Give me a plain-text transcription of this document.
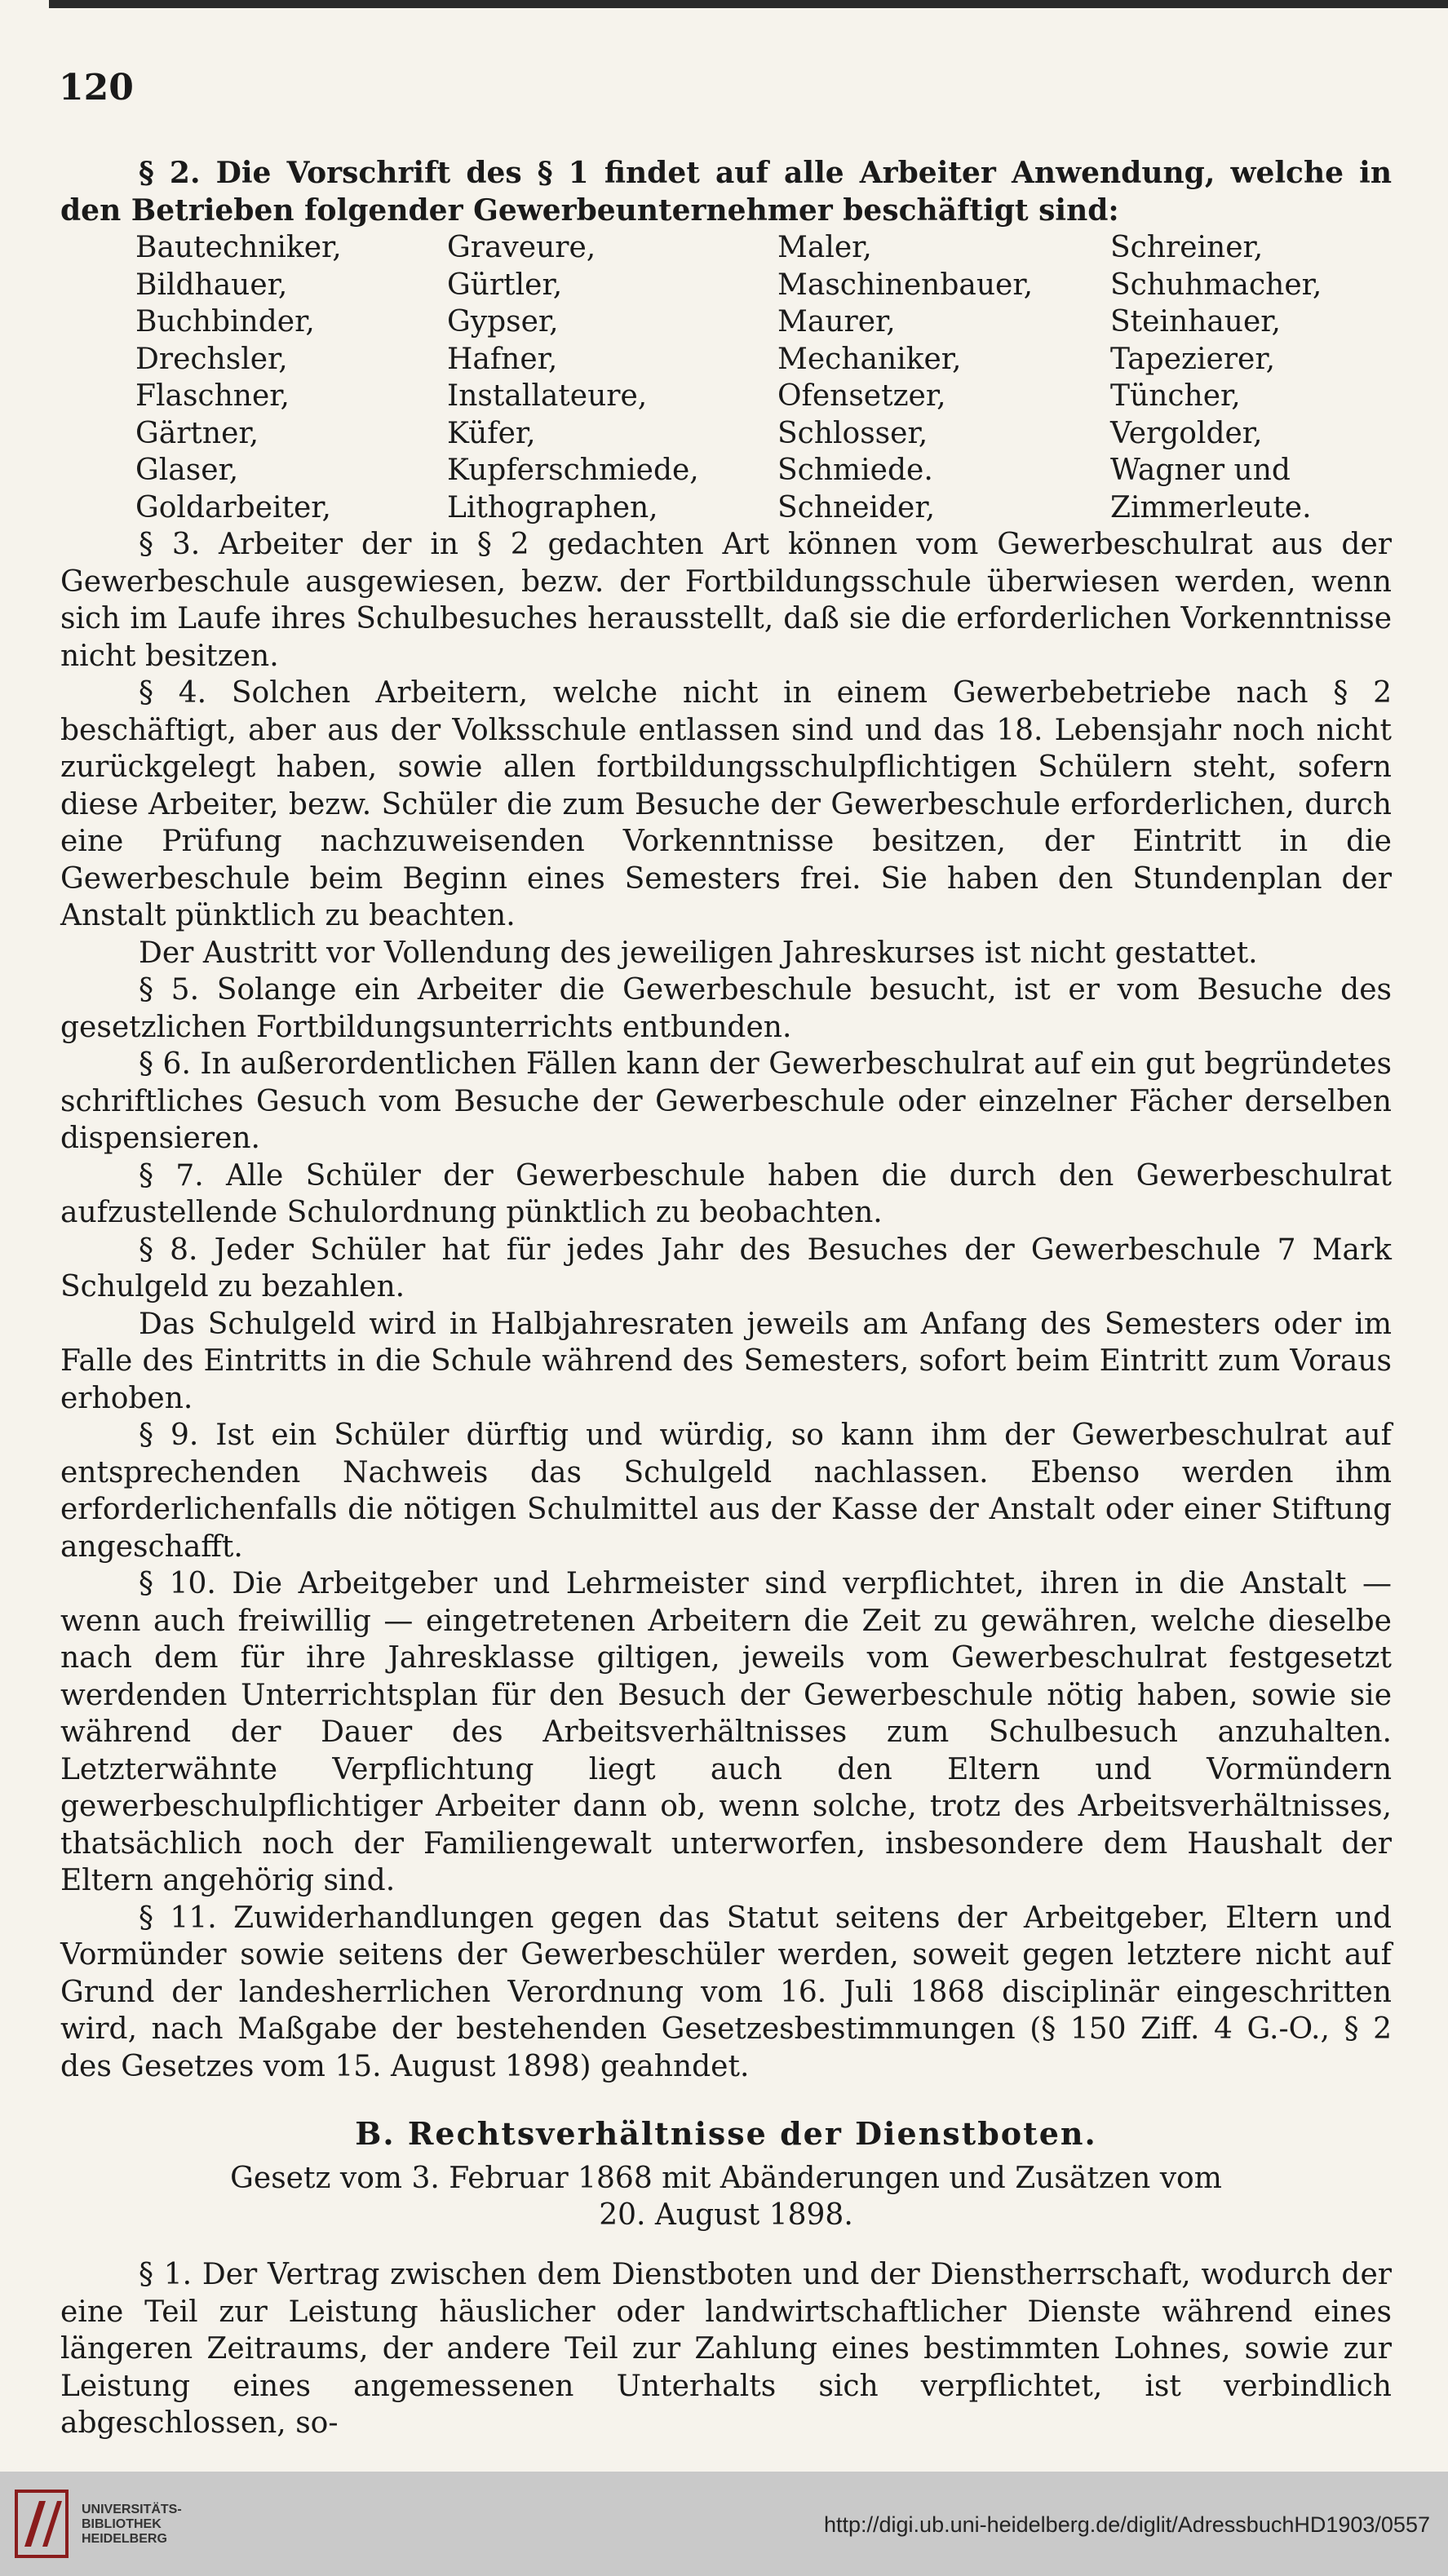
120

§ 2. Die Vorschrift des § 1 findet auf alle Arbeiter Anwendung, welche in den Betrieben folgender Gewerbeunternehmer beschäftigt sind:

Bautechniker,	Graveure,	Maler,	Schreiner,
Bildhauer,	Gürtler,	Maschinenbauer,	Schuhmacher,
Buchbinder,	Gypser,	Maurer,	Steinhauer,
Drechsler,	Hafner,	Mechaniker,	Tapezierer,
Flaschner,	Installateure,	Ofensetzer,	Tüncher,
Gärtner,	Küfer,	Schlosser,	Vergolder,
Glaser,	Kupferschmiede,	Schmiede.	Wagner und
Goldarbeiter,	Lithographen,	Schneider,	Zimmerleute.

§ 3. Arbeiter der in § 2 gedachten Art können vom Gewerbeschulrat aus der Gewerbeschule ausgewiesen, bezw. der Fortbildungsschule überwiesen werden, wenn sich im Laufe ihres Schulbesuches herausstellt, daß sie die erforderlichen Vorkenntnisse nicht besitzen.

§ 4. Solchen Arbeitern, welche nicht in einem Gewerbebetriebe nach § 2 beschäftigt, aber aus der Volksschule entlassen sind und das 18. Lebensjahr noch nicht zurückgelegt haben, sowie allen fortbildungsschulpflichtigen Schülern steht, sofern diese Arbeiter, bezw. Schüler die zum Besuche der Gewerbeschule erforderlichen, durch eine Prüfung nachzuweisenden Vorkenntnisse besitzen, der Eintritt in die Gewerbeschule beim Beginn eines Semesters frei. Sie haben den Stundenplan der Anstalt pünktlich zu beachten.

Der Austritt vor Vollendung des jeweiligen Jahreskurses ist nicht gestattet.

§ 5. Solange ein Arbeiter die Gewerbeschule besucht, ist er vom Besuche des gesetzlichen Fortbildungsunterrichts entbunden.

§ 6. In außerordentlichen Fällen kann der Gewerbeschulrat auf ein gut begründetes schriftliches Gesuch vom Besuche der Gewerbeschule oder einzelner Fächer derselben dispensieren.

§ 7. Alle Schüler der Gewerbeschule haben die durch den Gewerbeschulrat aufzustellende Schulordnung pünktlich zu beobachten.

§ 8. Jeder Schüler hat für jedes Jahr des Besuches der Gewerbeschule 7 Mark Schulgeld zu bezahlen.

Das Schulgeld wird in Halbjahresraten jeweils am Anfang des Semesters oder im Falle des Eintritts in die Schule während des Semesters, sofort beim Eintritt zum Voraus erhoben.

§ 9. Ist ein Schüler dürftig und würdig, so kann ihm der Gewerbeschulrat auf entsprechenden Nachweis das Schulgeld nachlassen. Ebenso werden ihm erforderlichenfalls die nötigen Schulmittel aus der Kasse der Anstalt oder einer Stiftung angeschafft.

§ 10. Die Arbeitgeber und Lehrmeister sind verpflichtet, ihren in die Anstalt — wenn auch freiwillig — eingetretenen Arbeitern die Zeit zu gewähren, welche dieselbe nach dem für ihre Jahresklasse giltigen, jeweils vom Gewerbeschulrat festgesetzt werdenden Unterrichtsplan für den Besuch der Gewerbeschule nötig haben, sowie sie während der Dauer des Arbeitsverhältnisses zum Schulbesuch anzuhalten. Letzterwähnte Verpflichtung liegt auch den Eltern und Vormündern gewerbeschulpflichtiger Arbeiter dann ob, wenn solche, trotz des Arbeitsverhältnisses, thatsächlich noch der Familiengewalt unterworfen, insbesondere dem Haushalt der Eltern angehörig sind.

§ 11. Zuwiderhandlungen gegen das Statut seitens der Arbeitgeber, Eltern und Vormünder sowie seitens der Gewerbeschüler werden, soweit gegen letztere nicht auf Grund der landesherrlichen Verordnung vom 16. Juli 1868 disciplinär eingeschritten wird, nach Maßgabe der bestehenden Gesetzesbestimmungen (§ 150 Ziff. 4 G.-O., § 2 des Gesetzes vom 15. August 1898) geahndet.

B. Rechtsverhältnisse der Dienstboten.
Gesetz vom 3. Februar 1868 mit Abänderungen und Zusätzen vom
20. August 1898.

§ 1. Der Vertrag zwischen dem Dienstboten und der Dienstherrschaft, wodurch der eine Teil zur Leistung häuslicher oder landwirtschaftlicher Dienste während eines längeren Zeitraums, der andere Teil zur Zahlung eines bestimmten Lohnes, sowie zur Leistung eines angemessenen Unterhalts sich verpflichtet, ist verbindlich abgeschlossen, so-

UNIVERSITÄTS-
BIBLIOTHEK
HEIDELBERG
http://digi.ub.uni-heidelberg.de/diglit/AdressbuchHD1903/0557
